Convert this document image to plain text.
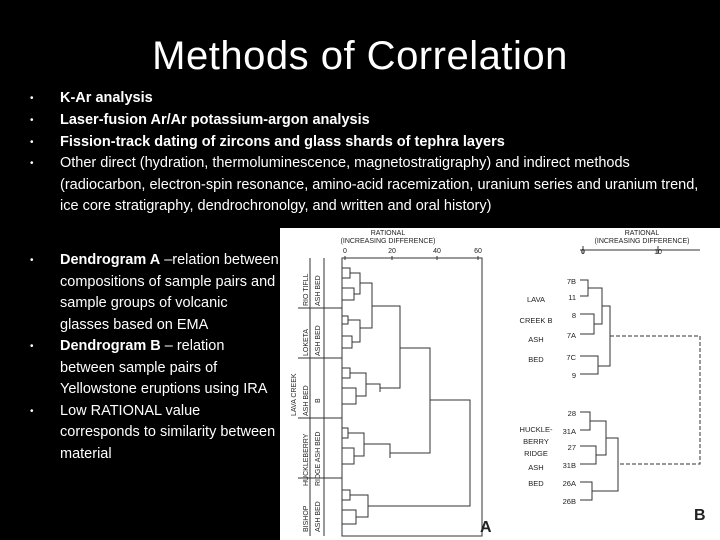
Methods of Correlation
• K-Ar analysis
• Laser-fusion Ar/Ar potassium-argon analysis
• Fission-track dating of zircons and glass shards of tephra layers
• Other direct (hydration, thermoluminescence, magnetostratigraphy) and indirect methods (radiocarbon, electron-spin resonance, amino-acid racemization, uranium series and uranium trend, ice core stratigraphy, dendrochronolgy, and written and oral history)
• Dendrogram A –relation between compositions of sample pairs and sample groups of volcanic glasses based on EMA
• Dendrogram B – relation between sample pairs of Yellowstone eruptions using IRA
• Low RATIONAL value corresponds to similarity between material
RATIONAL
(INCREASING DIFFERENCE)
0	20	40	60
RIO TIFLL ASH BED
LOKETA ASH BED
LAVA CREEK ASH BED B
HUCKLEBERRY RIDGE ASH BED
BISHOP ASH BED	A
RATIONAL
(INCREASING DIFFERENCE)
0	10
LAVA
CREEK B
ASH
BED
7B
11
8
7A
7C
9
HUCKLE-
BERRY
RIDGE
ASH
BED
28
31A
27
31B
26A
26B
B
